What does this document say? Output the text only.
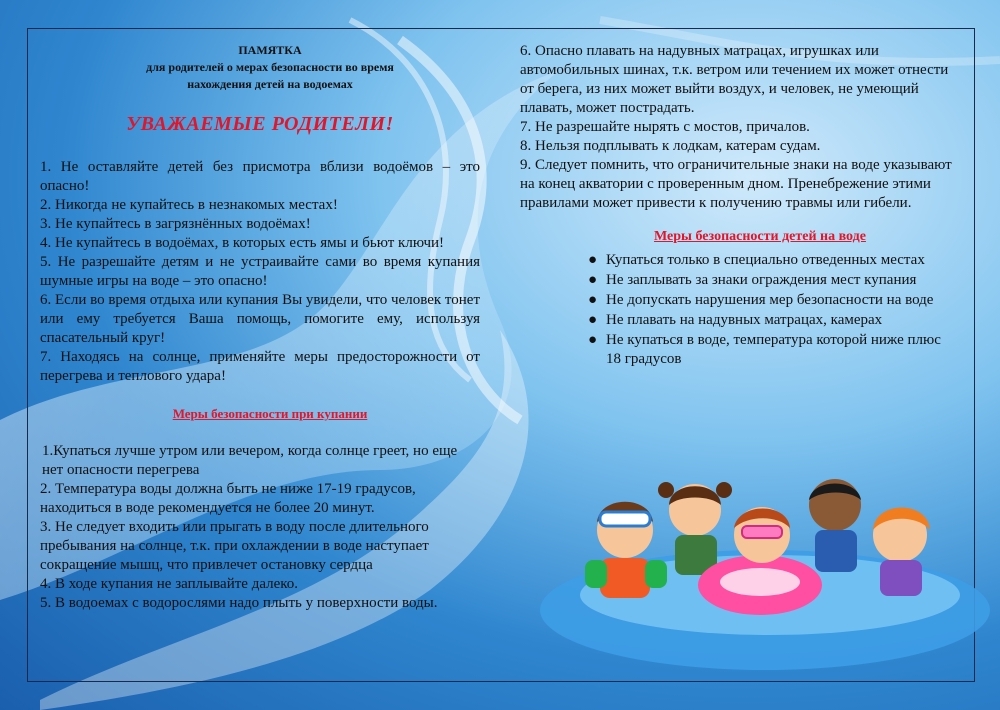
ПАМЯТКА
для родителей о мерах безопасности во время
нахождения детей на водоемах
УВАЖАЕМЫЕ РОДИТЕЛИ!

1. Не оставляйте детей без присмотра вблизи водоёмов – это опасно!

2. Никогда не купайтесь в незнакомых местах!

3. Не купайтесь в загрязнённых водоёмах!

4. Не купайтесь в водоёмах, в которых есть ямы и бьют ключи!

5. Не разрешайте детям и не устраивайте сами во время купания шумные игры на воде – это опасно!

6. Если во время отдыха или купания Вы увидели, что человек тонет или ему требуется Ваша помощь, помогите ему, используя спасательный круг!

7. Находясь на солнце, применяйте меры предосторожности от перегрева и теплового удара!

Меры безопасности при купании

1.Купаться лучше утром или вечером, когда солнце греет, но еще нет опасности перегрева

2. Температура воды должна быть не ниже 17-19 градусов, находиться в воде рекомендуется не более 20 минут.

3. Не следует входить или прыгать в воду после длительного пребывания на солнце, т.к. при охлаждении в воде наступает сокращение мышц, что привлечет остановку сердца

4. В ходе купания не заплывайте далеко.

5. В водоемах с водорослями надо плыть у поверхности воды.

6. Опасно плавать на надувных матрацах, игрушках или автомобильных шинах, т.к. ветром или течением их может отнести от берега, из них может выйти воздух, и человек, не умеющий плавать, может пострадать.

7. Не разрешайте нырять с мостов, причалов.

8. Нельзя подплывать к лодкам, катерам судам.

9. Следует помнить, что ограничительные знаки на воде указывают на конец акватории с проверенным дном. Пренебрежение этими правилами может привести к получению травмы или гибели.

Меры безопасности детей на воде
● Купаться только в специально отведенных местах
● Не заплывать за знаки ограждения мест купания
● Не допускать нарушения мер безопасности на воде
● Не плавать на надувных матрацах, камерах
● Не купаться в воде, температура которой ниже плюс 18 градусов
